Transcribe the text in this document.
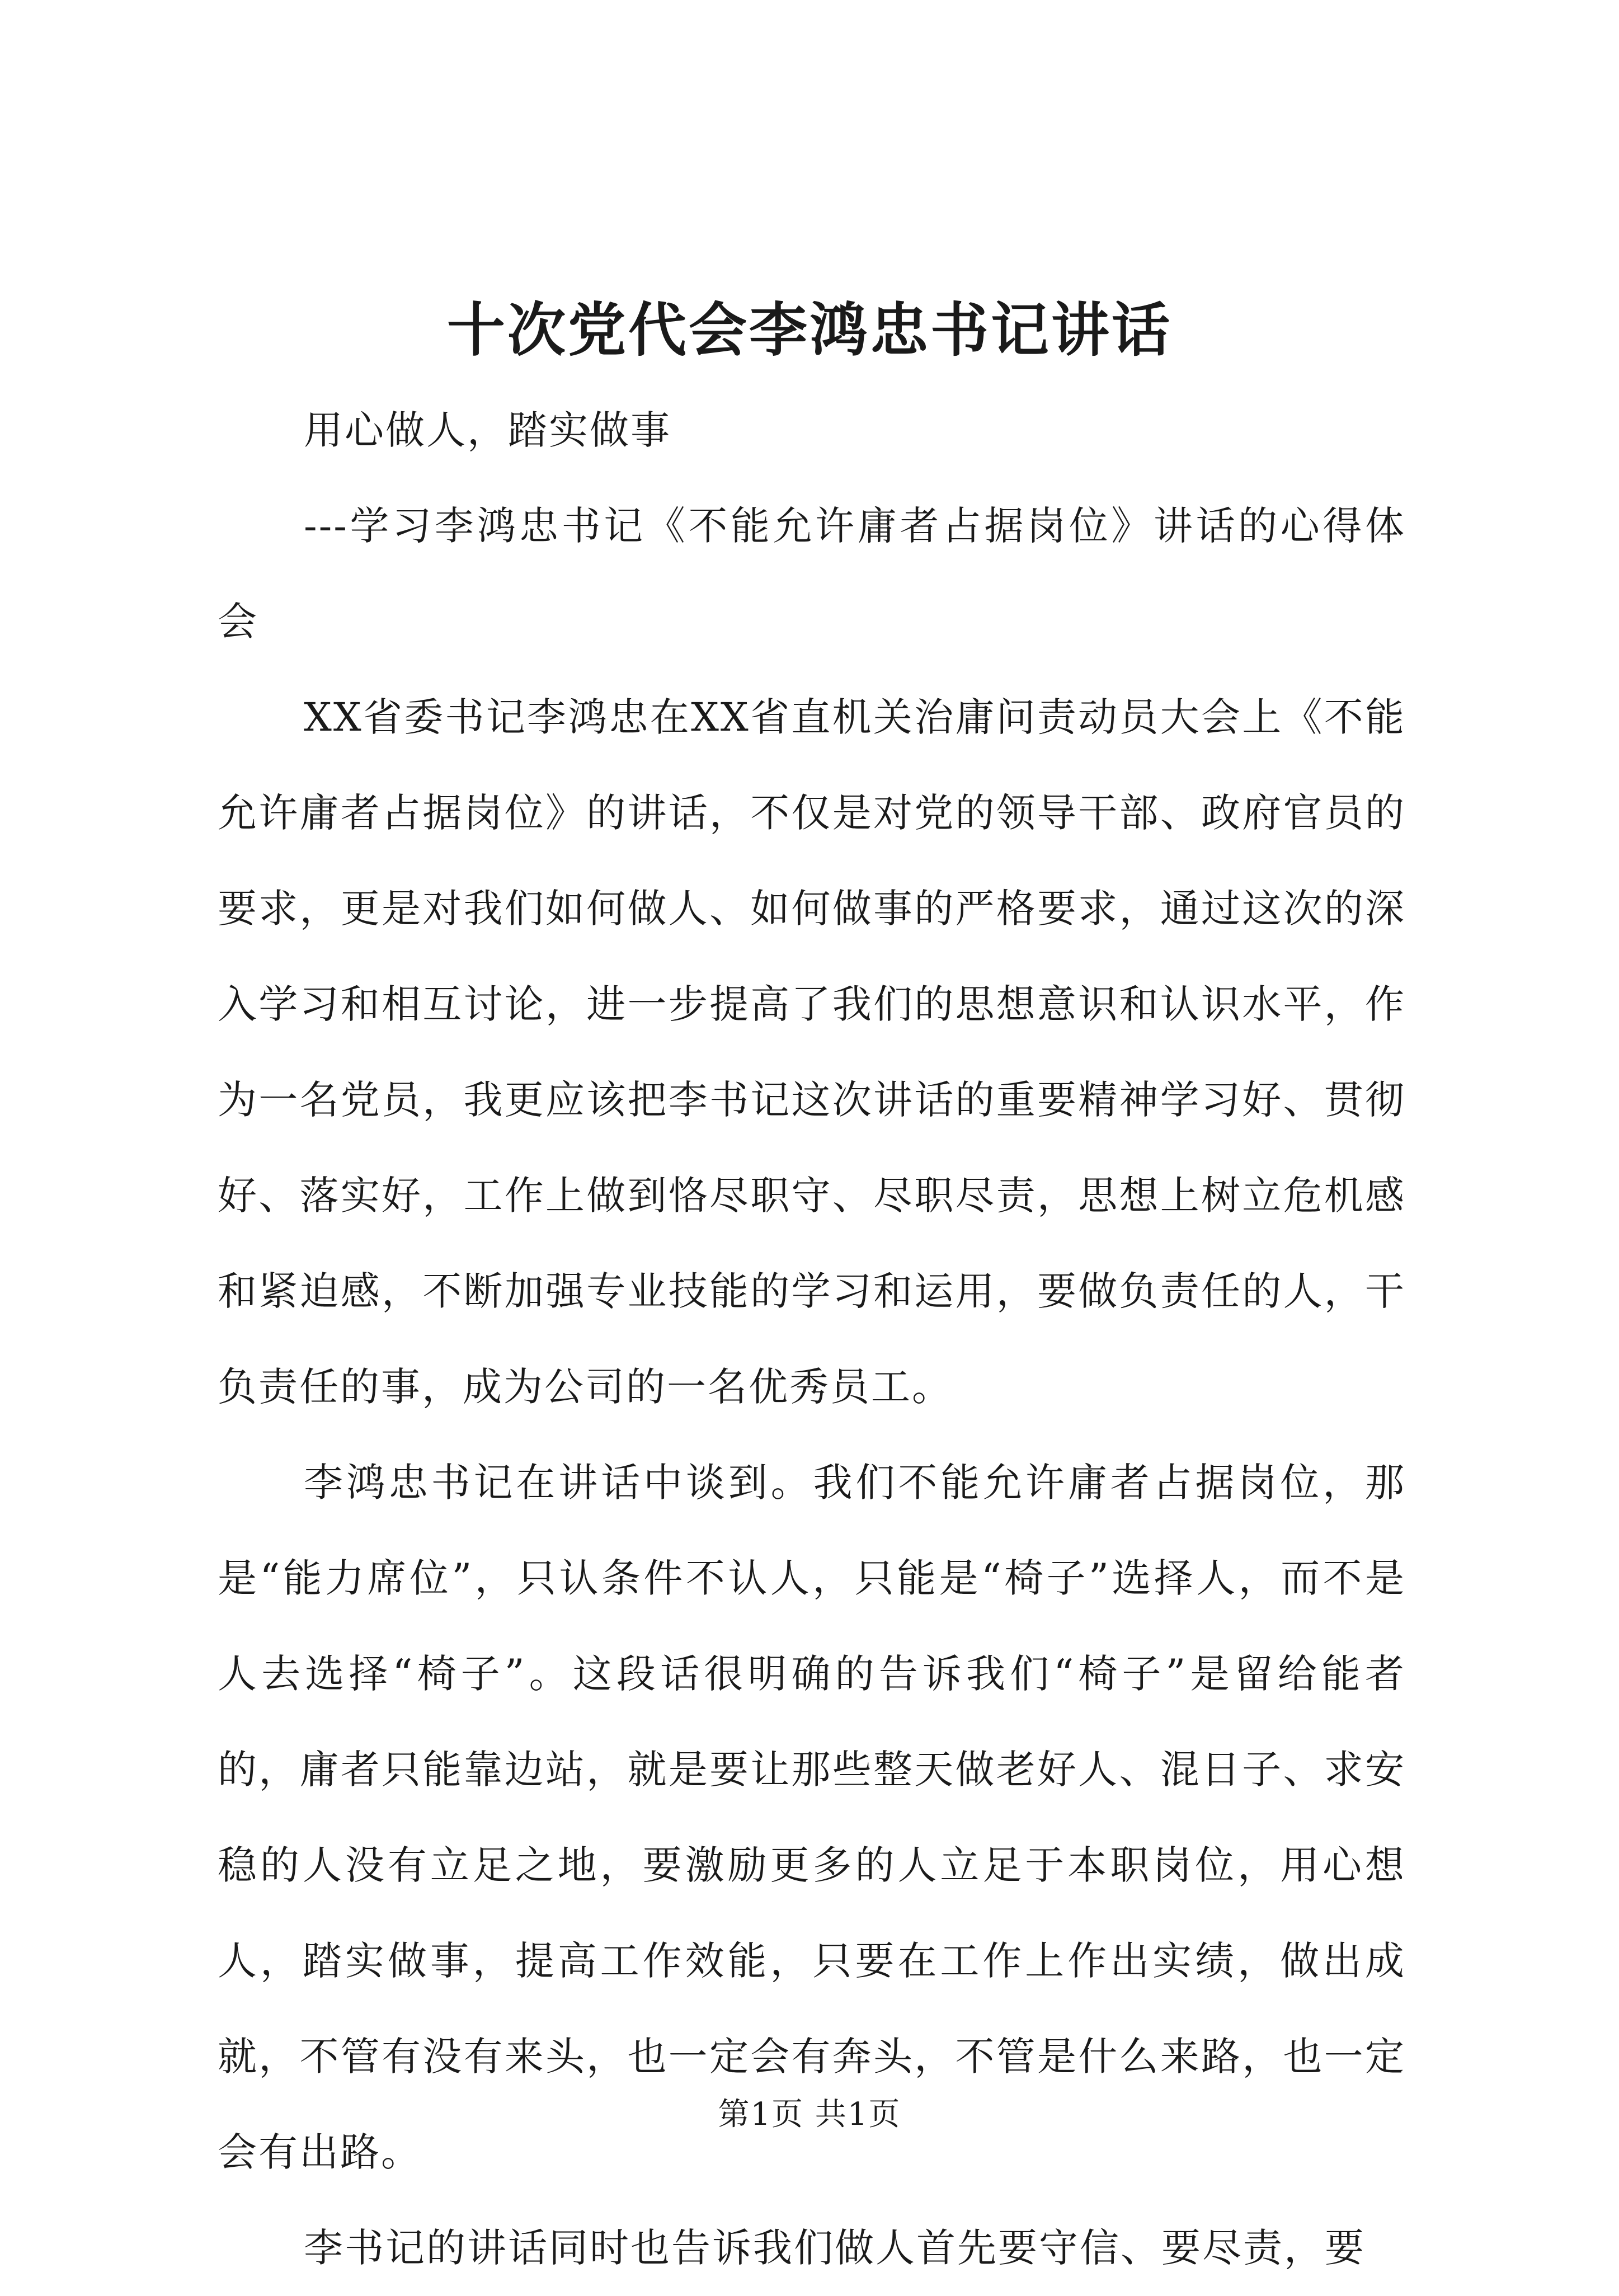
十次党代会李鸿忠书记讲话

用心做人，踏实做事

---学习李鸿忠书记《不能允许庸者占据岗位》讲话的心得体会

XX省委书记李鸿忠在XX省直机关治庸问责动员大会上《不能允许庸者占据岗位》的讲话，不仅是对党的领导干部、政府官员的要求，更是对我们如何做人、如何做事的严格要求，通过这次的深入学习和相互讨论，进一步提高了我们的思想意识和认识水平，作为一名党员，我更应该把李书记这次讲话的重要精神学习好、贯彻好、落实好，工作上做到恪尽职守、尽职尽责，思想上树立危机感和紧迫感，不断加强专业技能的学习和运用，要做负责任的人，干负责任的事，成为公司的一名优秀员工。

李鸿忠书记在讲话中谈到。我们不能允许庸者占据岗位，那是“能力席位”，只认条件不认人，只能是“椅子”选择人，而不是人去选择“椅子”。这段话很明确的告诉我们“椅子”是留给能者的，庸者只能靠边站，就是要让那些整天做老好人、混日子、求安稳的人没有立足之地，要激励更多的人立足于本职岗位，用心想人，踏实做事，提高工作效能，只要在工作上作出实绩，做出成就，不管有没有来头，也一定会有奔头，不管是什么来路，也一定会有出路。

李书记的讲话同时也告诉我们做人首先要守信、要尽责，要

第1页 共1页
